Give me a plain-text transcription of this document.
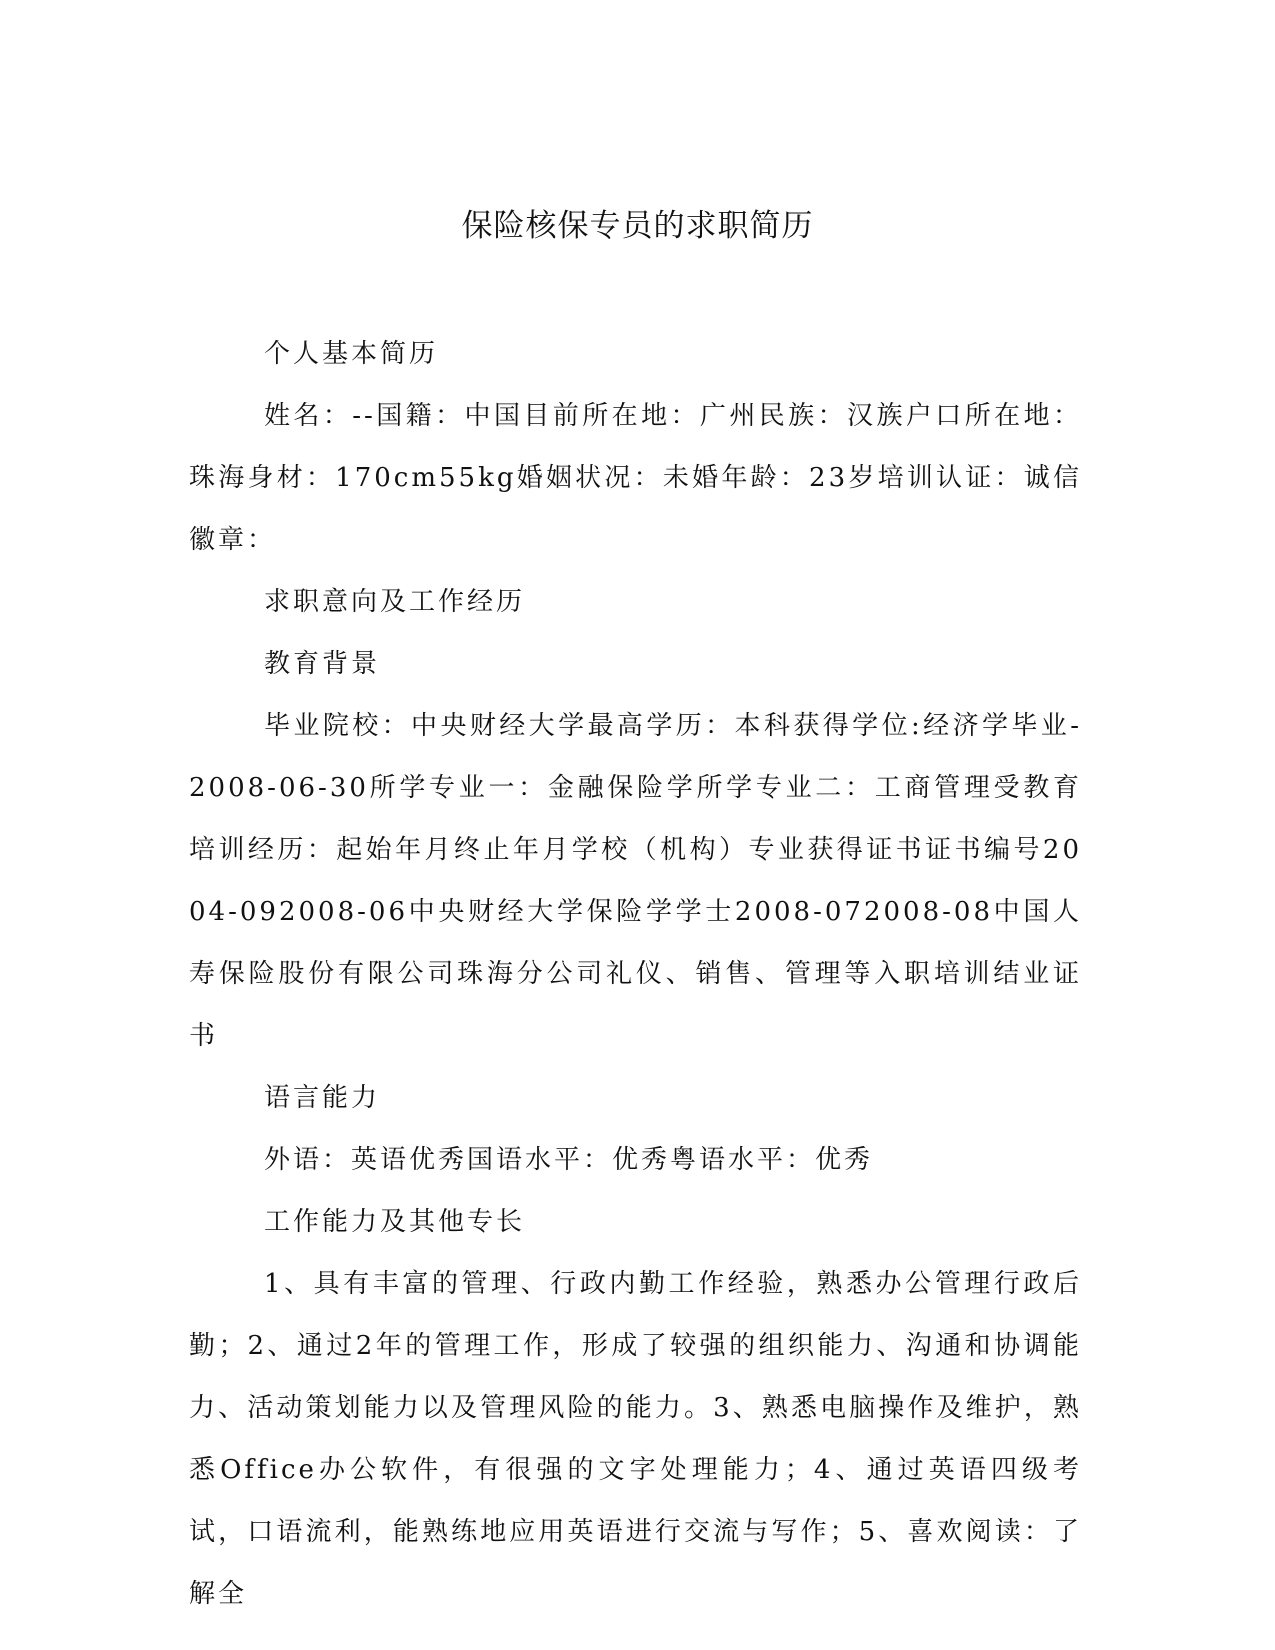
保险核保专员的求职简历

个人基本简历

姓名：--国籍：中国目前所在地：广州民族：汉族户口所在地：珠海身材：170cm55kg婚姻状况：未婚年龄：23岁培训认证：诚信徽章：

求职意向及工作经历

教育背景

毕业院校：中央财经大学最高学历：本科获得学位:经济学毕业-2008-06-30所学专业一：金融保险学所学专业二：工商管理受教育培训经历：起始年月终止年月学校（机构）专业获得证书证书编号2004-092008-06中央财经大学保险学学士2008-072008-08中国人寿保险股份有限公司珠海分公司礼仪、销售、管理等入职培训结业证书

语言能力

外语：英语优秀国语水平：优秀粤语水平：优秀

工作能力及其他专长

1、具有丰富的管理、行政内勤工作经验，熟悉办公管理行政后勤；2、通过2年的管理工作，形成了较强的组织能力、沟通和协调能力、活动策划能力以及管理风险的能力。3、熟悉电脑操作及维护，熟悉Office办公软件，有很强的文字处理能力；4、通过英语四级考试，口语流利，能熟练地应用英语进行交流与写作；5、喜欢阅读：了解全
